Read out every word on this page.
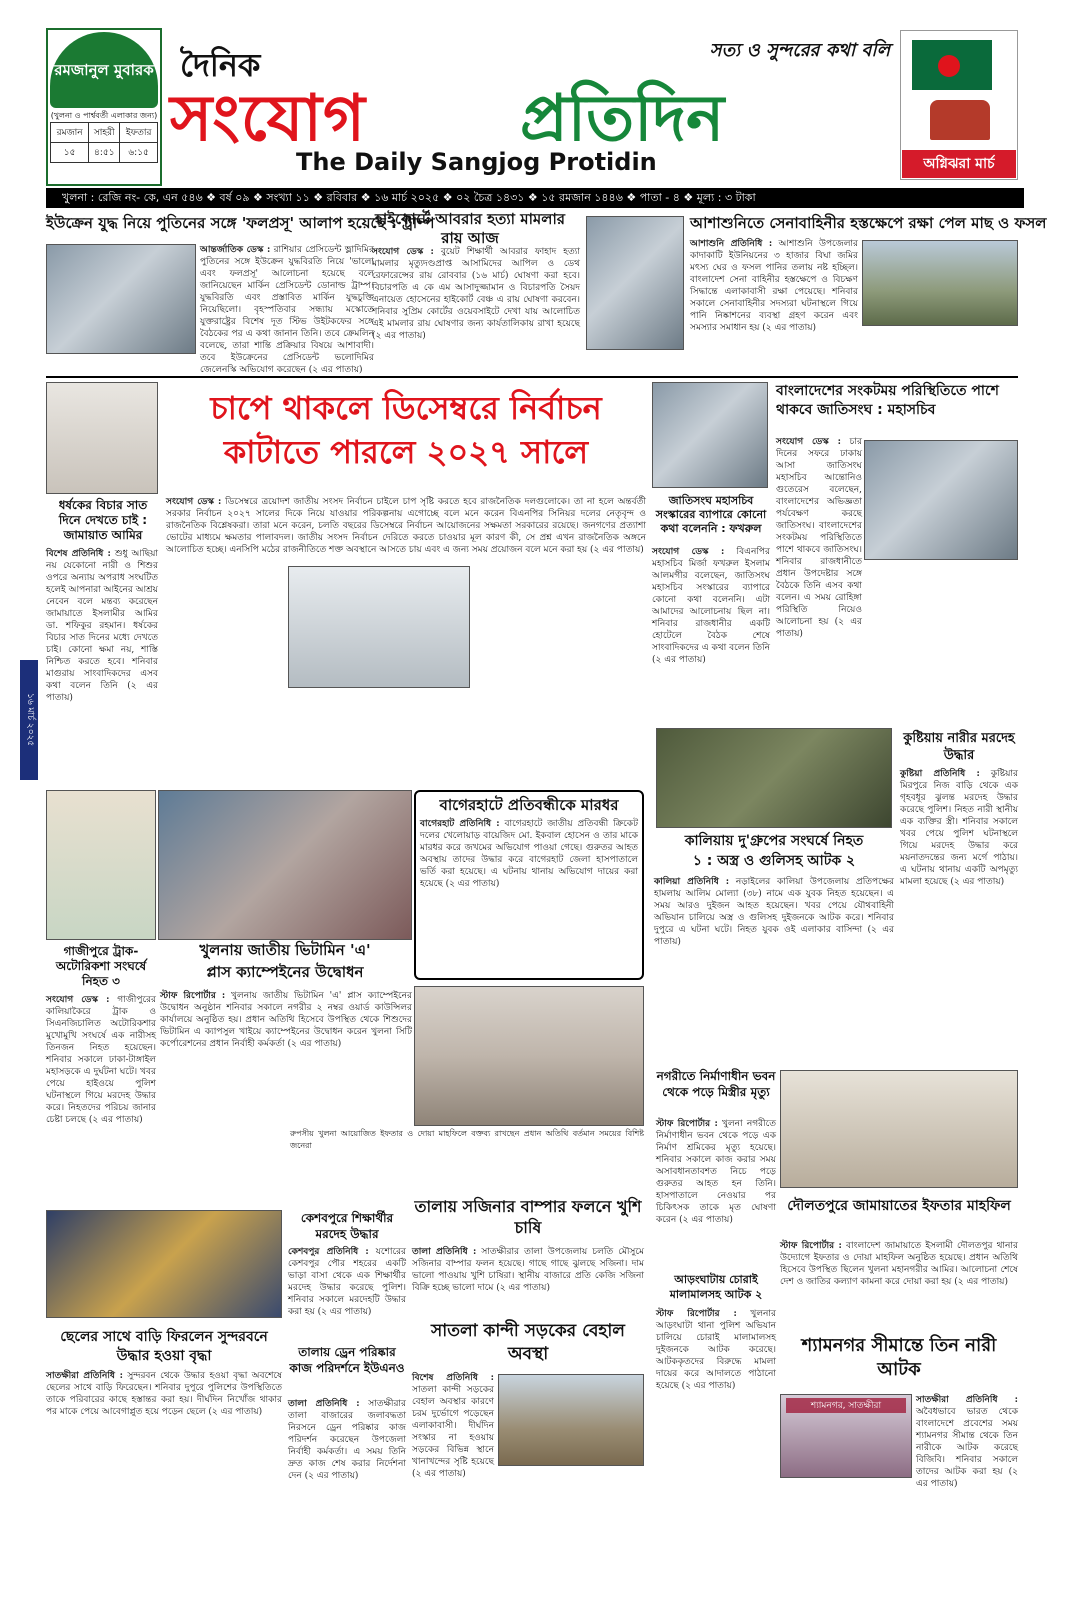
রমজানুল মুবারক
(খুলনা ও পার্শ্ববর্তী এলাকার জন্য)
রমজান	সাহরী	ইফতার
১৫	৪:৫১	৬:১৫
সত্য ও সুন্দরের কথা বলি
দৈনিক
সংযোগ প্রতিদিন
The Daily Sangjog Protidin	অগ্নিঝরা মার্চ
খুলনা : রেজি নং- কে, এন ৫৪৬ ❖ বর্ষ ০৯ ❖ সংখ্যা ১১ ❖ রবিবার ❖ ১৬ মার্চ ২০২৫ ❖ ০২ চৈত্র ১৪৩১ ❖ ১৫ রমজান ১৪৪৬ ❖ পাতা - ৪ ❖ মূল্য : ৩ টাকা
ইউক্রেন যুদ্ধ নিয়ে পুতিনের সঙ্গে 'ফলপ্রসূ' আলাপ হয়েছে : ট্রাম্প
আন্তর্জাতিক ডেস্ক : রাশিয়ার প্রেসিডেন্ট ভ্লাদিমির পুতিনের সঙ্গে ইউক্রেন যুদ্ধবিরতি নিয়ে 'ভালো এবং ফলপ্রসূ' আলোচনা হয়েছে বলে জানিয়েছেন মার্কিন প্রেসিডেন্ট ডোনাল্ড ট্রাম্প। যুদ্ধবিরতি এবং প্রস্তাবিত মার্কিন যুদ্ধচুক্তি নিয়েছিলো। বৃহস্পতিবার সন্ধ্যায় মস্কোতে যুক্তরাষ্ট্রের বিশেষ দূত স্টিভ উইটকফের সঙ্গে বৈঠকের পর এ কথা জানান তিনি। তবে ক্রেমলিন বলেছে, তারা শান্তি প্রক্রিয়ার বিষয়ে আশাবাদী। তবে ইউক্রেনের প্রেসিডেন্ট ভলোদিমির জেলেনস্কি অভিযোগ করেছেন (২ এর পাতায়)
হাইকোর্টে আবরার হত্যা মামলার রায় আজ
সংযোগ ডেস্ক : বুয়েট শিক্ষার্থী আবরার ফাহাদ হত্যা মামলার মৃত্যুদণ্ডপ্রাপ্ত আসামিদের আপিল ও ডেথ রেফারেন্সের রায় রোববার (১৬ মার্চ) ঘোষণা করা হবে। বিচারপতি এ কে এম আসাদুজ্জামান ও বিচারপতি সৈয়দ এনায়েত হোসেনের হাইকোর্ট বেঞ্চ এ রায় ঘোষণা করবেন। শনিবার সুপ্রিম কোর্টের ওয়েবসাইটে দেখা যায় আলোচিত এই মামলার রায় ঘোষণার জন্য কার্যতালিকায় রাখা হয়েছে (২ এর পাতায়)
আশাশুনিতে সেনাবাহিনীর হস্তক্ষেপে রক্ষা পেল মাছ ও ফসল
আশাশুনি প্রতিনিধি : আশাশুনি উপজেলার কাদাকাটি ইউনিয়নের ৩ হাজার বিঘা জমির মৎস্য ঘের ও ফসল পানির তলায় নষ্ট হচ্ছিল। বাংলাদেশ সেনা বাহিনীর হস্তক্ষেপে ও বিচক্ষণ সিদ্ধান্তে এলাকাবাসী রক্ষা পেয়েছে। শনিবার সকালে সেনাবাহিনীর সদস্যরা ঘটনাস্থলে গিয়ে পানি নিষ্কাশনের ব্যবস্থা গ্রহণ করেন এবং সমস্যার সমাধান হয় (২ এর পাতায়)
চাপে থাকলে ডিসেম্বরে নির্বাচন
কাটাতে পারলে ২০২৭ সালে
ধর্ষকের বিচার সাত দিনে দেখতে চাই : জামায়াত আমির
বিশেষ প্রতিনিধি : শুধু আছিয়া নয় যেকোনো নারী ও শিশুর ওপরে অন্যায় অপরাধ সংঘটিত হলেই আপনারা আইনের আশ্রয় নেবেন বলে মন্তব্য করেছেন জামায়াতে ইসলামীর আমির ডা. শফিকুর রহমান। ধর্ষকের বিচার সাত দিনের মধ্যে দেখতে চাই। কোনো ক্ষমা নয়, শাস্তি নিশ্চিত করতে হবে। শনিবার মাগুরায় সাংবাদিকদের এসব কথা বলেন তিনি (২ এর পাতায়)
১৬ মার্চ ২০২৫
সংযোগ ডেস্ক : ডিসেম্বরে ত্রয়োদশ জাতীয় সংসদ নির্বাচন চাইলে চাপ সৃষ্টি করতে হবে রাজনৈতিক দলগুলোকে। তা না হলে অন্তর্বর্তী সরকার নির্বাচন ২০২৭ সালের দিকে নিয়ে যাওয়ার পরিকল্পনায় এগোচ্ছে বলে মনে করেন বিএনপির সিনিয়র দলের নেতৃবৃন্দ ও রাজনৈতিক বিশ্লেষকরা। তারা মনে করেন, চলতি বছরের ডিসেম্বরে নির্বাচন আয়োজনের সক্ষমতা সরকারের রয়েছে। জনগণের প্রত্যাশা ভোটের মাধ্যমে ক্ষমতার পালাবদল। জাতীয় সংসদ নির্বাচন দেরিতে করতে চাওয়ার মূল কারণ কী, সে প্রশ্ন এখন রাজনৈতিক অঙ্গনে আলোচিত হচ্ছে। এনসিপি মঠের রাজনীতিতে শক্ত অবস্থানে আসতে চায় এবং এ জন্য সময় প্রয়োজন বলে মনে করা হয় (২ এর পাতায়)
জাতিসংঘ মহাসচিব সংস্কারের ব্যাপারে কোনো কথা বলেননি : ফখরুল
সংযোগ ডেস্ক : বিএনপির মহাসচিব মির্জা ফখরুল ইসলাম আলমগীর বলেছেন, জাতিসংঘ মহাসচিব সংস্কারের ব্যাপারে কোনো কথা বলেননি। এটা আমাদের আলোচনায় ছিল না। শনিবার রাজধানীর একটি হোটেলে বৈঠক শেষে সাংবাদিকদের এ কথা বলেন তিনি (২ এর পাতায়)
বাংলাদেশের সংকটময় পরিস্থিতিতে পাশে থাকবে জাতিসংঘ : মহাসচিব
সংযোগ ডেস্ক : চার দিনের সফরে ঢাকায় আসা জাতিসংঘ মহাসচিব আন্তোনিও গুতেরেস বলেছেন, বাংলাদেশের অভিজ্ঞতা পর্যবেক্ষণ করছে জাতিসংঘ। বাংলাদেশের সংকটময় পরিস্থিতিতে পাশে থাকবে জাতিসংঘ। শনিবার রাজধানীতে প্রধান উপদেষ্টার সঙ্গে বৈঠকে তিনি এসব কথা বলেন। এ সময় রোহিঙ্গা পরিস্থিতি নিয়েও আলোচনা হয় (২ এর পাতায়)
বাগেরহাটে প্রতিবন্ধীকে মারধর
বাগেরহাট প্রতিনিধি : বাগেরহাটে জাতীয় প্রতিবন্ধী ক্রিকেট দলের খেলোয়াড় বায়েজিদ মো. ইকবাল হোসেন ও তার মাকে মারধর করে জখমের অভিযোগ পাওয়া গেছে। গুরুতর আহত অবস্থায় তাদের উদ্ধার করে বাগেরহাট জেলা হাসপাতালে ভর্তি করা হয়েছে। এ ঘটনায় থানায় অভিযোগ দায়ের করা হয়েছে (২ এর পাতায়)
কালিয়ায় দু'গ্রুপের সংঘর্ষে নিহত
১ : অস্ত্র ও গুলিসহ আটক ২
কালিয়া প্রতিনিধি : নড়াইলের কালিয়া উপজেলায় প্রতিপক্ষের হামলায় আলিম মোল্যা (৩৮) নামে এক যুবক নিহত হয়েছেন। এ সময় আরও দুইজন আহত হয়েছেন। খবর পেয়ে যৌথবাহিনী অভিযান চালিয়ে অস্ত্র ও গুলিসহ দুইজনকে আটক করে। শনিবার দুপুরে এ ঘটনা ঘটে। নিহত যুবক ওই এলাকার বাসিন্দা (২ এর পাতায়)
কুষ্টিয়ায় নারীর মরদেহ উদ্ধার
কুষ্টিয়া প্রতিনিধি : কুষ্টিয়ার মিরপুরে নিজ বাড়ি থেকে এক গৃহবধূর ঝুলন্ত মরদেহ উদ্ধার করেছে পুলিশ। নিহত নারী স্থানীয় এক ব্যক্তির স্ত্রী। শনিবার সকালে খবর পেয়ে পুলিশ ঘটনাস্থলে গিয়ে মরদেহ উদ্ধার করে ময়নাতদন্তের জন্য মর্গে পাঠায়। এ ঘটনায় থানায় একটি অপমৃত্যু মামলা হয়েছে (২ এর পাতায়)
গাজীপুরে ট্রাক-অটোরিকশা সংঘর্ষে নিহত ৩
সংযোগ ডেস্ক : গাজীপুরের কালিয়াকৈরে ট্রাক ও সিএনজিচালিত অটোরিকশার মুখোমুখি সংঘর্ষে এক নারীসহ তিনজন নিহত হয়েছেন। শনিবার সকালে ঢাকা-টাঙ্গাইল মহাসড়কে এ দুর্ঘটনা ঘটে। খবর পেয়ে হাইওয়ে পুলিশ ঘটনাস্থলে গিয়ে মরদেহ উদ্ধার করে। নিহতদের পরিচয় জানার চেষ্টা চলছে (২ এর পাতায়)
খুলনায় জাতীয় ভিটামিন 'এ'
প্লাস ক্যাম্পেইনের উদ্বোধন
স্টাফ রিপোর্টার : খুলনায় জাতীয় ভিটামিন 'এ' প্লাস ক্যাম্পেইনের উদ্বোধন অনুষ্ঠান শনিবার সকালে নগরীর ২ নম্বর ওয়ার্ড কাউন্সিলর কার্যালয়ে অনুষ্ঠিত হয়। প্রধান অতিথি হিসেবে উপস্থিত থেকে শিশুদের ভিটামিন এ ক্যাপসুল খাইয়ে ক্যাম্পেইনের উদ্বোধন করেন খুলনা সিটি কর্পোরেশনের প্রধান নির্বাহী কর্মকর্তা (২ এর পাতায়)
রুপসীয় খুলনা আয়োজিত ইফতার ও দোয়া মাহফিলে বক্তব্য রাখছেন প্রধান অতিথি বর্তমান সময়ের বিশিষ্ট জনেরা
নগরীতে নির্মাণাধীন ভবন থেকে পড়ে মিস্ত্রীর মৃত্যু
স্টাফ রিপোর্টার : খুলনা নগরীতে নির্মাণাধীন ভবন থেকে পড়ে এক নির্মাণ শ্রমিকের মৃত্যু হয়েছে। শনিবার সকালে কাজ করার সময় অসাবধানতাবশত নিচে পড়ে গুরুতর আহত হন তিনি। হাসপাতালে নেওয়ার পর চিকিৎসক তাকে মৃত ঘোষণা করেন (২ এর পাতায়)
দৌলতপুরে জামায়াতের ইফতার মাহফিল
স্টাফ রিপোর্টার : বাংলাদেশ জামায়াতে ইসলামী দৌলতপুর থানার উদ্যোগে ইফতার ও দোয়া মাহফিল অনুষ্ঠিত হয়েছে। প্রধান অতিথি হিসেবে উপস্থিত ছিলেন খুলনা মহানগরীর আমির। আলোচনা শেষে দেশ ও জাতির কল্যাণ কামনা করে দোয়া করা হয় (২ এর পাতায়)
আড়ংঘাটায় চোরাই মালামালসহ আটক ২
স্টাফ রিপোর্টার : খুলনার আড়ংঘাটা থানা পুলিশ অভিযান চালিয়ে চোরাই মালামালসহ দুইজনকে আটক করেছে। আটককৃতদের বিরুদ্ধে মামলা দায়ের করে আদালতে পাঠানো হয়েছে (২ এর পাতায়)
ছেলের সাথে বাড়ি ফিরলেন সুন্দরবনে উদ্ধার হওয়া বৃদ্ধা
সাতক্ষীরা প্রতিনিধি : সুন্দরবন থেকে উদ্ধার হওয়া বৃদ্ধা অবশেষে ছেলের সাথে বাড়ি ফিরেছেন। শনিবার দুপুরে পুলিশের উপস্থিতিতে তাকে পরিবারের কাছে হস্তান্তর করা হয়। দীর্ঘদিন নিখোঁজ থাকার পর মাকে পেয়ে আবেগাপ্লুত হয়ে পড়েন ছেলে (২ এর পাতায়)
কেশবপুরে শিক্ষার্থীর মরদেহ উদ্ধার
কেশবপুর প্রতিনিধি : যশোরের কেশবপুর পৌর শহরের একটি ভাড়া বাসা থেকে এক শিক্ষার্থীর মরদেহ উদ্ধার করেছে পুলিশ। শনিবার সকালে মরদেহটি উদ্ধার করা হয় (২ এর পাতায়)
তালায় ড্রেন পরিষ্কার কাজ পরিদর্শনে ইউএনও
তালা প্রতিনিধি : সাতক্ষীরার তালা বাজারের জলাবদ্ধতা নিরসনে ড্রেন পরিষ্কার কাজ পরিদর্শন করেছেন উপজেলা নির্বাহী কর্মকর্তা। এ সময় তিনি দ্রুত কাজ শেষ করার নির্দেশনা দেন (২ এর পাতায়)
তালায় সজিনার বাম্পার ফলনে খুশি চাষি
তালা প্রতিনিধি : সাতক্ষীরার তালা উপজেলায় চলতি মৌসুমে সজিনার বাম্পার ফলন হয়েছে। গাছে গাছে ঝুলছে সজিনা। দাম ভালো পাওয়ায় খুশি চাষিরা। স্থানীয় বাজারে প্রতি কেজি সজিনা বিক্রি হচ্ছে ভালো দামে (২ এর পাতায়)
সাতলা কান্দী সড়কের বেহাল অবস্থা
বিশেষ প্রতিনিধি : সাতলা কান্দী সড়কের বেহাল অবস্থার কারণে চরম দুর্ভোগে পড়েছেন এলাকাবাসী। দীর্ঘদিন সংস্কার না হওয়ায় সড়কের বিভিন্ন স্থানে খানাখন্দের সৃষ্টি হয়েছে (২ এর পাতায়)
শ্যামনগর সীমান্তে তিন নারী আটক
শ্যামনগর, সাতক্ষীরা
সাতক্ষীরা প্রতিনিধি : অবৈধভাবে ভারত থেকে বাংলাদেশে প্রবেশের সময় শ্যামনগর সীমান্ত থেকে তিন নারীকে আটক করেছে বিজিবি। শনিবার সকালে তাদের আটক করা হয় (২ এর পাতায়)
